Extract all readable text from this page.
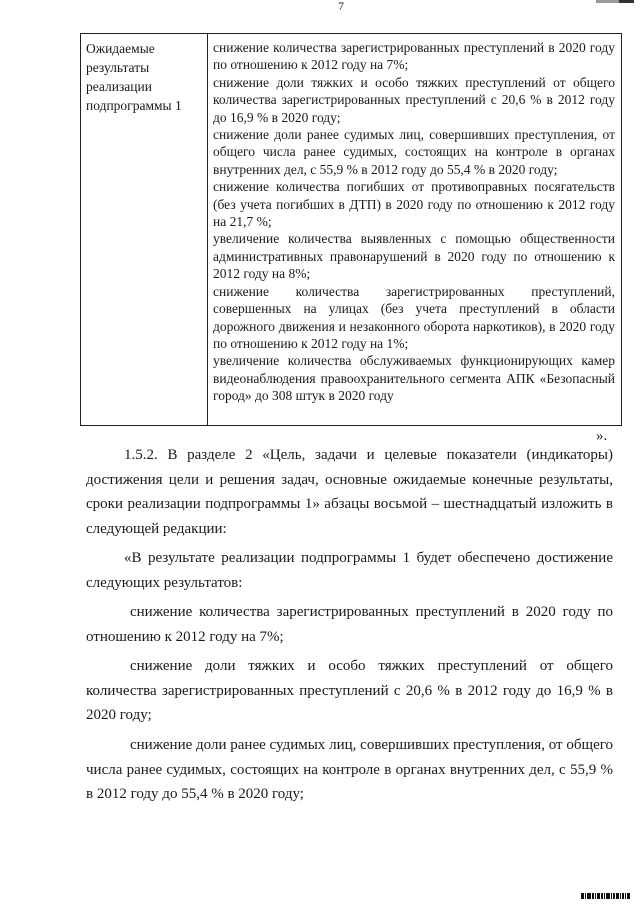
7
Ожидаемые результаты реализации подпрограммы 1

снижение количества зарегистрированных преступлений в 2020 году по отношению к 2012 году на 7%;

снижение доли тяжких и особо тяжких преступлений от общего количества зарегистрированных преступлений с 20,6 % в 2012 году до 16,9 % в 2020 году;

снижение доли ранее судимых лиц, совершивших преступления, от общего числа ранее судимых, состоящих на контроле в органах внутренних дел, с 55,9 % в 2012 году до 55,4 % в 2020 году;

снижение количества погибших от противоправных посягательств (без учета погибших в ДТП) в 2020 году по отношению к 2012 году на 21,7 %;

увеличение количества выявленных с помощью общественности административных правонарушений в 2020 году по отношению к 2012 году на 8%;

снижение количества зарегистрированных преступлений, совершенных на улицах (без учета преступлений в области дорожного движения и незаконного оборота наркотиков), в 2020 году по отношению к 2012 году на 1%;

увеличение количества обслуживаемых функционирующих камер видеонаблюдения правоохранительного сегмента АПК «Безопасный город» до 308 штук в 2020 году

».

1.5.2. В разделе 2 «Цель, задачи и целевые показатели (индикаторы) достижения цели и решения задач, основные ожидаемые конечные результаты, сроки реализации подпрограммы 1» абзацы восьмой – шестнадцатый изложить в следующей редакции:

«В результате реализации подпрограммы 1 будет обеспечено достижение следующих результатов:

снижение количества зарегистрированных преступлений в 2020 году по отношению к 2012 году на 7%;

снижение доли тяжких и особо тяжких преступлений от общего количества зарегистрированных преступлений с 20,6 % в 2012 году до 16,9 % в 2020 году;

снижение доли ранее судимых лиц, совершивших преступления, от общего числа ранее судимых, состоящих на контроле в органах внутренних дел, с 55,9 % в 2012 году до 55,4 % в 2020 году;
